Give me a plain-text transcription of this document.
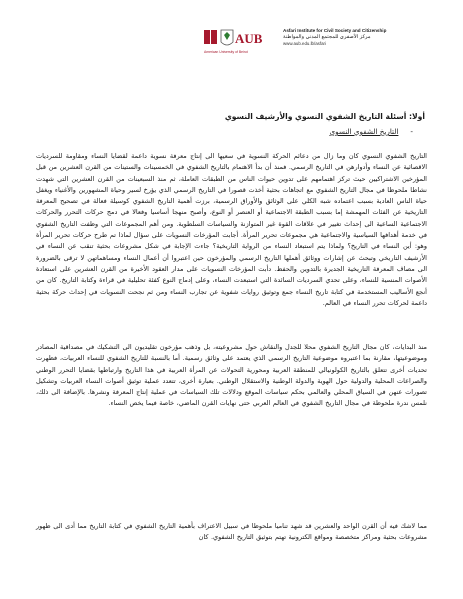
AUB
American University of Beirut
Asfari Institute for Civil Society and Citizenship
مركز الأصفري للمجتمع المدني والمواطنة
www.aub.edu.lb/asfari
أولا: أسئلة التاريخ الشفوي النسوي والأرشيف النسوي
-التاريخ الشفوي النسوي

التاريخ الشفوي النسوي كان وما زال من دعائم الحركة النسوية في سعيها الى إنتاج معرفة نسوية داعمة لقضايا النساء ومقاومة للسرديات الاقصائية عن النساء وأدوارهن في التاريخ الرسمي. فمنذ أن بدأ الاهتمام بالتاريخ الشفوي في الخمسينات والستينات من القرن العشرين من قبل المؤرخين الاشتراكيين حيث تركز اهتمامهم على تدوين حيوات الناس من الطبقات العاملة، ثم منذ السبعينات من القرن العشرين التي شهدت نشاطا ملحوظا في مجال التاريخ الشفوي مع اتجاهات بحثية أخذت قصورا في التاريخ الرسمي الذي يؤرخ لسير وحياة المشهورين والأغنياء ويغفل حياة الناس العادية بسبب اعتماده شبه الكلي على الوثائق والأوراق الرسمية، برزت أهمية التاريخ الشفوي كوسيلة فعالة في تصحيح المعرفة التاريخية عن الفئات المهمشة إما بسبب الطبقة الاجتماعية أو العنصر أو النوع، وأصبح منهجا أساسيا وفعالا في دمج حركات التحرر والحركات الاجتماعية الساعية الى إحداث تغيير في علاقات القوة غير المتوازنة والسياسات السلطوية. ومن أهم المجموعات التي وظفت التاريخ الشفوي في خدمة أهدافها السياسية والاجتماعية هي مجموعات تحرير المرأة. أجابت المؤرخات النسويات على سؤال لماذا تم طرح حركات تحرير المرأة وهو: أين النساء في التاريخ؟ ولماذا يتم استبعاد النساء من الرواية التاريخية؟ جاءت الإجابة في شكل مشروعات بحثية تنقب عن النساء في الأرشيف التاريخي وتبحث عن إشارات ووثائق أهملها التاريخ الرسمي والمؤرخون حين اعتبروا أن أعمال النساء ومساهماتهن لا ترقى بالضرورة الى مصاف المعرفة التاريخية الجديرة بالتدوين والحفظ. دأبت المؤرخات النسويات على مدار العقود الأخيرة من القرن العشرين على استعادة الأصوات المنسية للنساء، وعلى تحدي السرديات السائدة التي استبعدت النساء، وعلى إدماج النوع كفئة تحليلية في قراءة وكتابة التاريخ. كان من أنجع الأساليب المستخدمة في كتابة تاريخ النساء جمع وتوثيق روايات شفوية عن تجارب النساء ومن ثم نجحت النسويات في إحداث حركة بحثية داعمة لحركات تحرر النساء في العالم.

منذ البدايات، كان مجال التاريخ الشفوي محلا للجدل والنقاش حول مشروعيته، بل وذهب مؤرخون تقليديون الى التشكيك في مصداقية المصادر وموضوعيتها، مقارنة بما اعتبروه موضوعية التاريخ الرسمي الذي يعتمد على وثائق رسمية. أما بالنسبة للتاريخ الشفوي للنساء العربيات، فظهرت تحديات أخرى تتعلق بالتاريخ الكولونيالي للمنطقة العربية ومحورية التحولات عن المرأة العربية في هذا التاريخ وارتباطها بقضايا التحرر الوطني والصراعات المحلية والدولية حول الهوية والدولة الوطنية والاستقلال الوطني. بعبارة أخرى، تتعدد عملية توثيق أصوات النساء العربيات وتشكيل تصورات عنهن في السياق المحلي والعالمي بحكم سياسات الموقع ودلالات تلك السياسات في عملية إنتاج المعرفة ونشرها. بالإضافة الى ذلك، نلمس ندرة ملحوظة في مجال التاريخ الشفوي في العالم العربي حتى نهايات القرن الماضي، خاصة فيما يخص النساء.

مما لاشك فيه أن القرن الواحد والعشرين قد شهد تناميا ملحوظا في سبيل الاعتراف بأهمية التاريخ الشفوي في كتابة التاريخ مما أدى الى ظهور مشروعات بحثية ومراكز متخصصة ومواقع الكترونية تهتم بتوثيق التاريخ الشفوي. كان
